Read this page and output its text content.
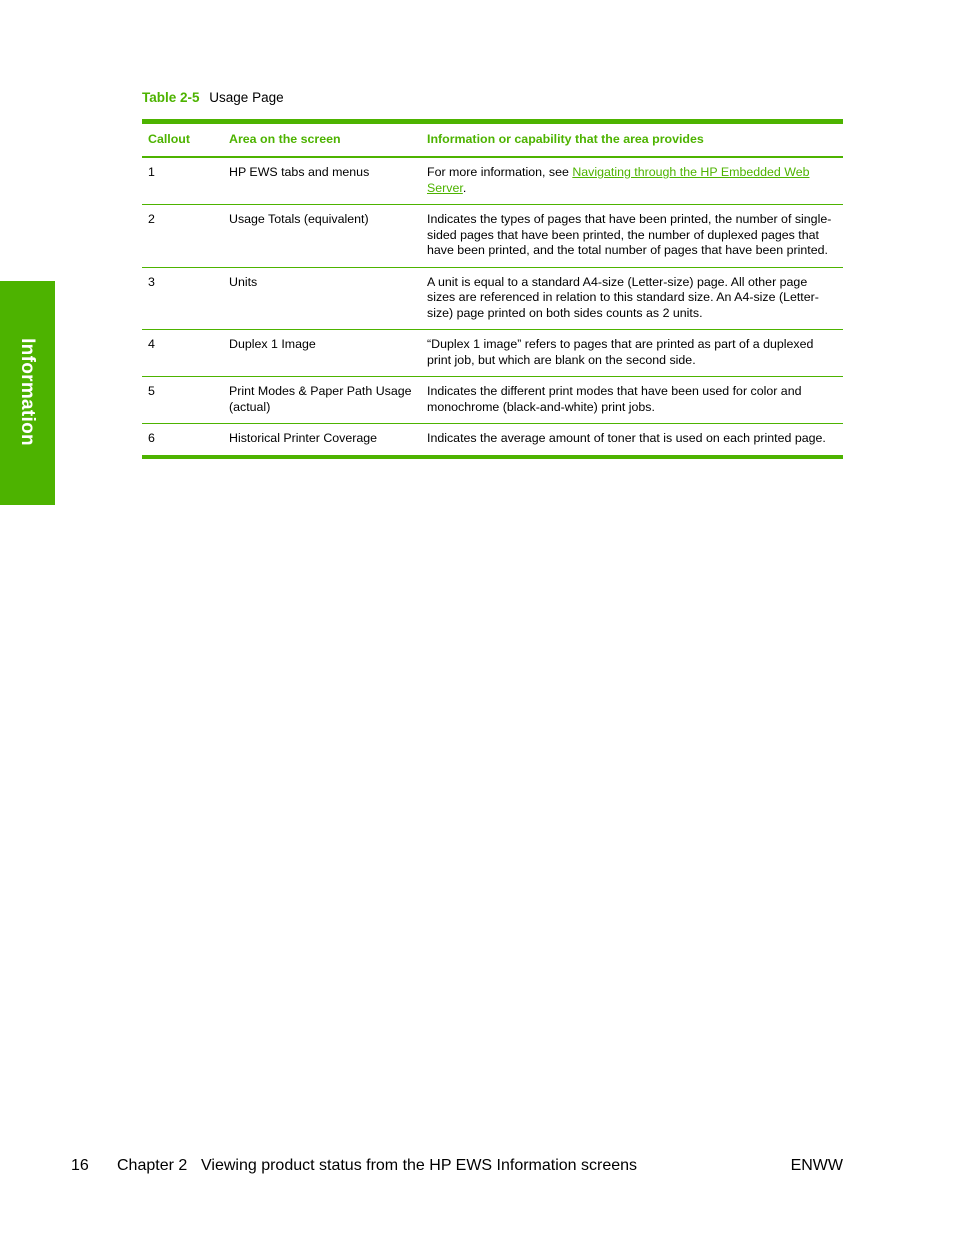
Information
Table 2-5 Usage Page
Callout	Area on the screen	Information or capability that the area provides
1	HP EWS tabs and menus	For more information, see Navigating through the HP Embedded Web Server.
2	Usage Totals (equivalent)	Indicates the types of pages that have been printed, the number of single-sided pages that have been printed, the number of duplexed pages that have been printed, and the total number of pages that have been printed.
3	Units	A unit is equal to a standard A4-size (Letter-size) page. All other page sizes are referenced in relation to this standard size. An A4-size (Letter-size) page printed on both sides counts as 2 units.
4	Duplex 1 Image	“Duplex 1 image” refers to pages that are printed as part of a duplexed print job, but which are blank on the second side.
5	Print Modes & Paper Path Usage (actual)	Indicates the different print modes that have been used for color and monochrome (black-and-white) print jobs.
6	Historical Printer Coverage	Indicates the average amount of toner that is used on each printed page.
16 Chapter 2 Viewing product status from the HP EWS Information screens	ENWW
